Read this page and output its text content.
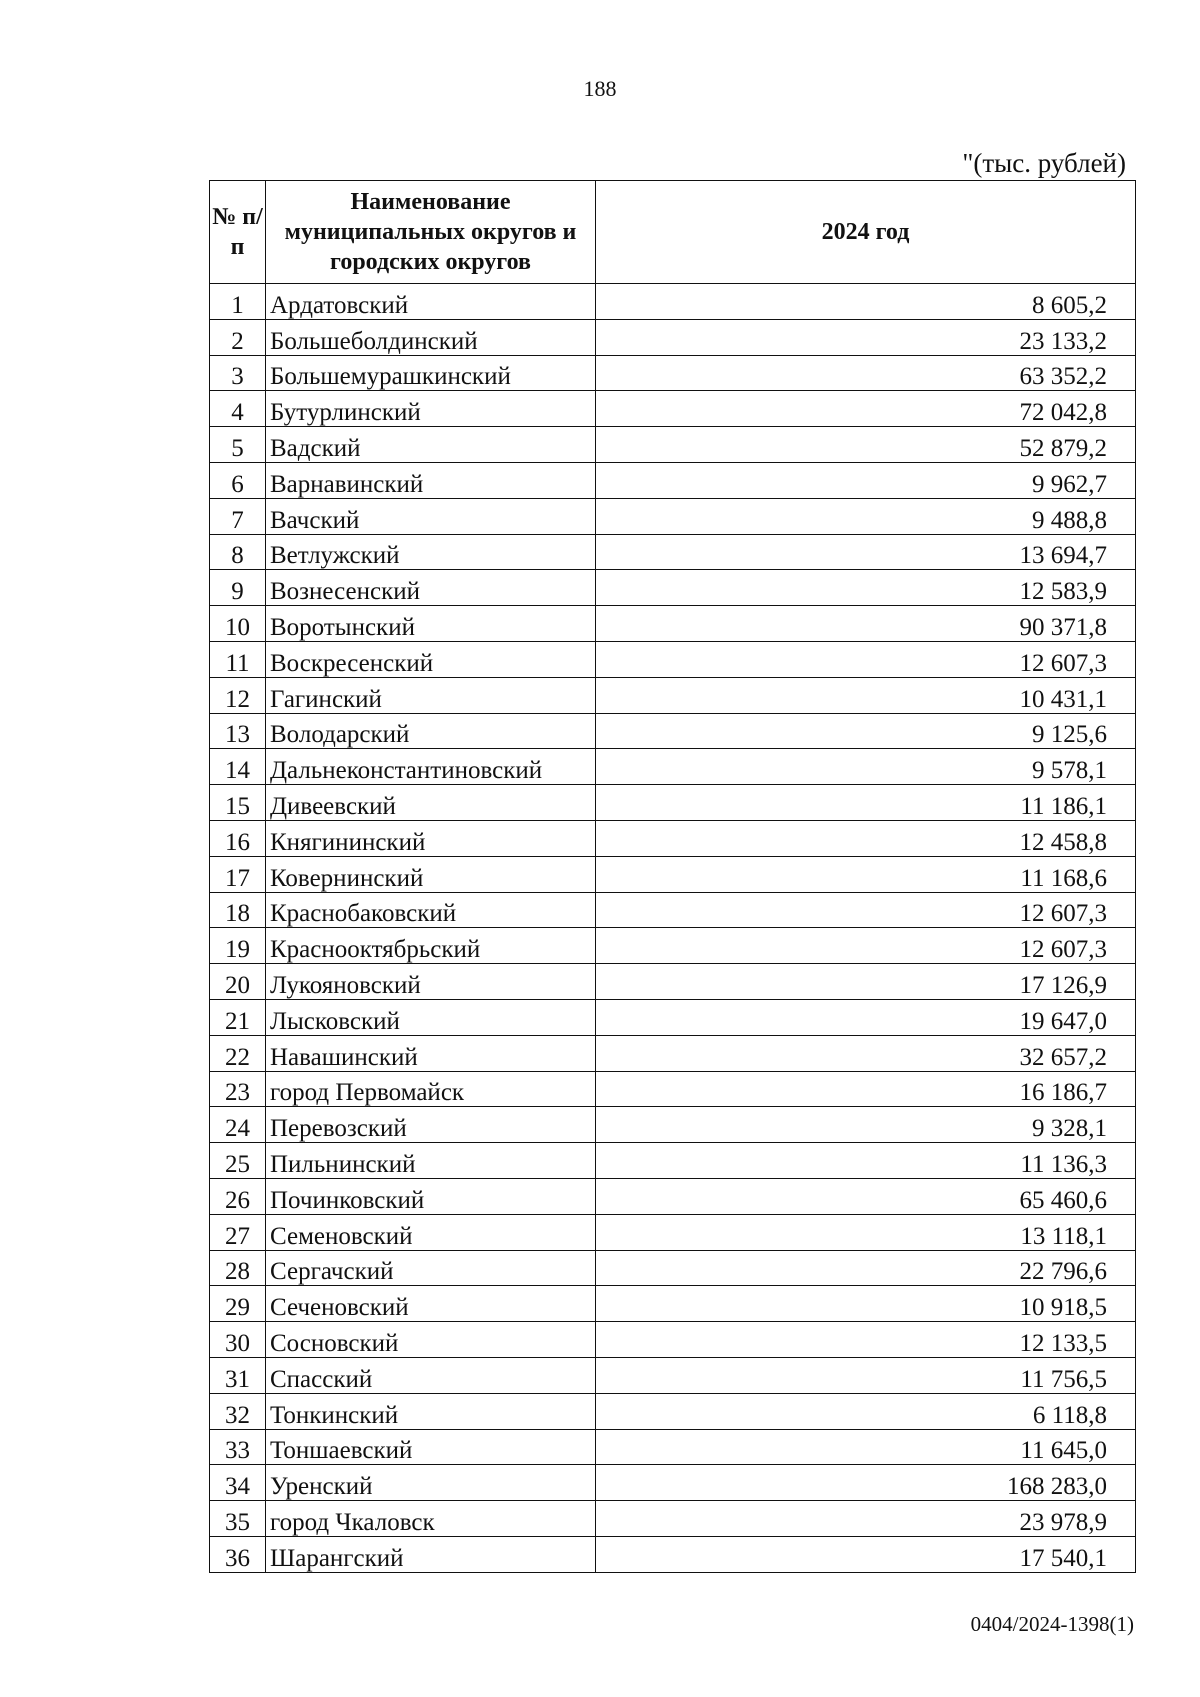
188
"(тыс. рублей)
№ п/п	Наименование муниципальных округов и городских округов	2024 год
1	Ардатовский	8 605,2
2	Большеболдинский	23 133,2
3	Большемурашкинский	63 352,2
4	Бутурлинский	72 042,8
5	Вадский	52 879,2
6	Варнавинский	9 962,7
7	Вачский	9 488,8
8	Ветлужский	13 694,7
9	Вознесенский	12 583,9
10	Воротынский	90 371,8
11	Воскресенский	12 607,3
12	Гагинский	10 431,1
13	Володарский	9 125,6
14	Дальнеконстантиновский	9 578,1
15	Дивеевский	11 186,1
16	Княгининский	12 458,8
17	Ковернинский	11 168,6
18	Краснобаковский	12 607,3
19	Краснооктябрьский	12 607,3
20	Лукояновский	17 126,9
21	Лысковский	19 647,0
22	Навашинский	32 657,2
23	город Первомайск	16 186,7
24	Перевозский	9 328,1
25	Пильнинский	11 136,3
26	Починковский	65 460,6
27	Семеновский	13 118,1
28	Сергачский	22 796,6
29	Сеченовский	10 918,5
30	Сосновский	12 133,5
31	Спасский	11 756,5
32	Тонкинский	6 118,8
33	Тоншаевский	11 645,0
34	Уренский	168 283,0
35	город Чкаловск	23 978,9
36	Шарангский	17 540,1
0404/2024-1398(1)
